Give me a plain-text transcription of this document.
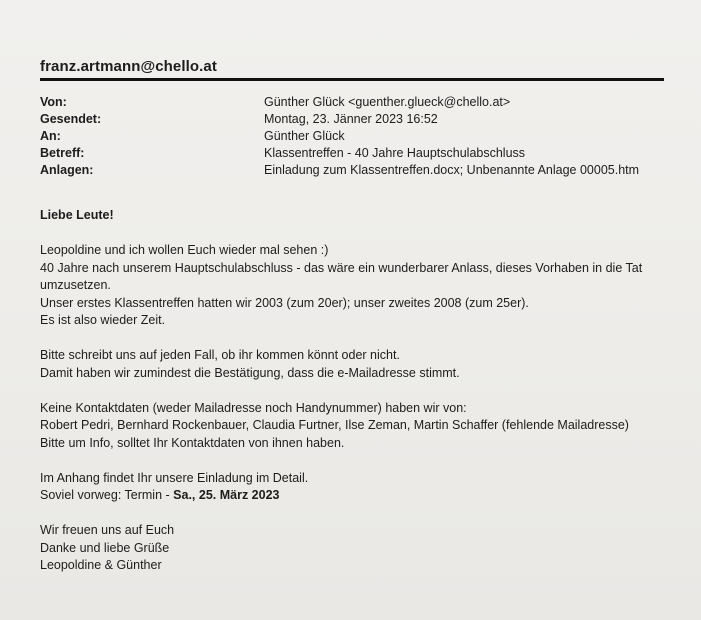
franz.artmann@chello.at
Von:	Günther Glück <guenther.glueck@chello.at>
Gesendet:	Montag, 23. Jänner 2023 16:52
An:	Günther Glück
Betreff:	Klassentreffen - 40 Jahre Hauptschulabschluss
Anlagen:	Einladung zum Klassentreffen.docx; Unbenannte Anlage 00005.htm
Liebe Leute!
Leopoldine und ich wollen Euch wieder mal sehen :)
40 Jahre nach unserem Hauptschulabschluss - das wäre ein wunderbarer Anlass, dieses Vorhaben in die Tat
umzusetzen.
Unser erstes Klassentreffen hatten wir 2003 (zum 20er); unser zweites 2008 (zum 25er).
Es ist also wieder Zeit.
Bitte schreibt uns auf jeden Fall, ob ihr kommen könnt oder nicht.
Damit haben wir zumindest die Bestätigung, dass die e-Mailadresse stimmt.
Keine Kontaktdaten (weder Mailadresse noch Handynummer) haben wir von:
Robert Pedri, Bernhard Rockenbauer, Claudia Furtner, Ilse Zeman, Martin Schaffer (fehlende Mailadresse)
Bitte um Info, solltet Ihr Kontaktdaten von ihnen haben.
Im Anhang findet Ihr unsere Einladung im Detail.
Soviel vorweg: Termin - Sa., 25. März 2023
Wir freuen uns auf Euch
Danke und liebe Grüße
Leopoldine & Günther
